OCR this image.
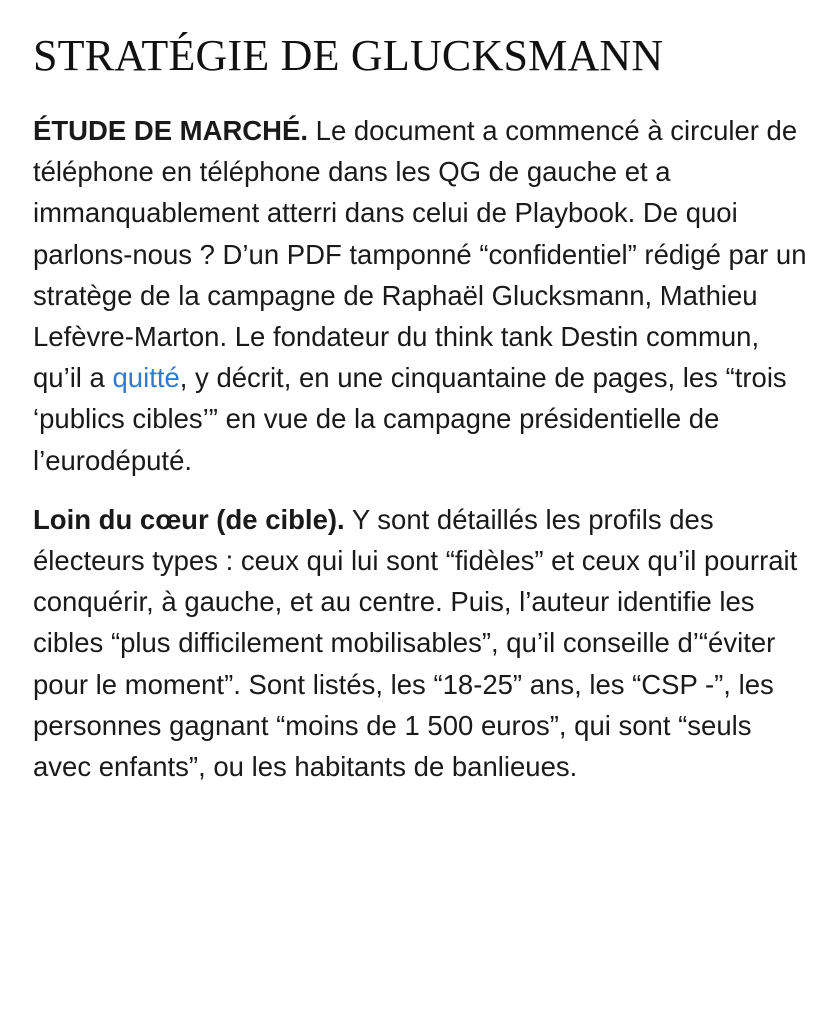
STRATÉGIE DE GLUCKSMANN

ÉTUDE DE MARCHÉ. Le document a commencé à circuler de téléphone en téléphone dans les QG de gauche et a immanquablement atterri dans celui de Playbook. De quoi parlons-nous ? D’un PDF tamponné “confidentiel” rédigé par un stratège de la campagne de Raphaël Glucksmann, Mathieu Lefèvre-Marton. Le fondateur du think tank Destin commun, qu’il a quitté, y décrit, en une cinquantaine de pages, les “trois ‘publics cibles’” en vue de la campagne présidentielle de l’eurodéputé.

Loin du cœur (de cible). Y sont détaillés les profils des électeurs types : ceux qui lui sont “fidèles” et ceux qu’il pourrait conquérir, à gauche, et au centre. Puis, l’auteur identifie les cibles “plus difficilement mobilisables”, qu’il conseille d’“éviter pour le moment”. Sont listés, les “18-25” ans, les “CSP -”, les personnes gagnant “moins de 1 500 euros”, qui sont “seuls avec enfants”, ou les habitants de banlieues.
